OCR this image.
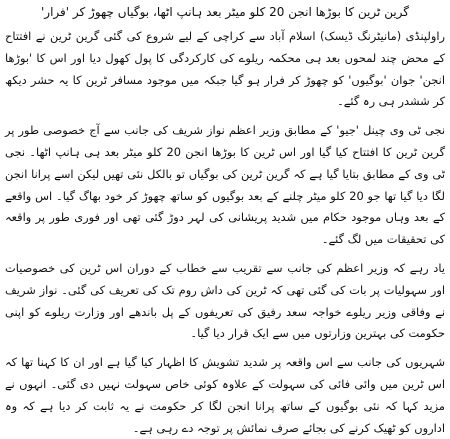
گرین ٹرین کا بوڑھا انجن 20 کلو میٹر بعد ہانپ اٹھا، بوگیاں چھوڑ کر 'فرار'

راولپنڈی (مانیٹرنگ ڈیسک) اسلام آباد سے کراچی کے لیے شروع کی گئی گرین ٹرین نے افتتاح کے محض چند لمحوں بعد ہی محکمہ ریلوے کی کارکردگی کا پول کھول دیا اور اس کا 'بوڑھا انجن' جوان 'بوگیوں' کو چھوڑ کر فرار ہو گیا جبکہ میں موجود مسافر ٹرین کا یہ حشر دیکھ کر ششدر ہی رہ گئے۔

نجی ٹی وی چینل 'جیو' کے مطابق وزیر اعظم نواز شریف کی جانب سے آج خصوصی طور پر گرین ٹرین کا افتتاح کیا گیا اور اس ٹرین کا بوڑھا انجن 20 کلو میٹر بعد ہی ہانپ اٹھا۔ نجی ٹی وی کے مطابق بتایا گیا ہے کہ گرین ٹرین کی بوگیاں تو بالکل نئی تھیں لیکن اسے پرانا انجن لگا دیا گیا تھا جو 20 کلو میٹر چلنے کے بعد بوگیوں کو ساتھ چھوڑ کر خود بھاگ گیا۔ اس واقعے کے بعد وہاں موجود حکام میں شدید پریشانی کی لہر دوڑ گئی تھی اور فوری طور پر واقعہ کی تحقیقات میں لگ گئے۔

یاد رہے کہ وزیر اعظم کی جانب سے تقریب سے خطاب کے دوران اس ٹرین کی خصوصیات اور سہولیات پر بات کی گئی تھی کہ ٹرین کی داش روم تک کی تعریف کی گئی۔ نواز شریف نے وفاقی وزیر ریلوے خواجہ سعد رفیق کی تعریفوں کے پل باندھے اور وزارت ریلوے کو اپنی حکومت کی بہترین وزارتوں میں سے ایک قرار دیا گیا۔

شہریوں کی جانب سے اس واقعہ پر شدید تشویش کا اظہار کیا گیا ہے اور ان کا کہنا تھا کہ اس ٹرین میں وائی فائی کی سہولت کے علاوہ کوئی خاص سہولت نہیں دی گئی۔ انہوں نے مزید کہا کہ نئی بوگیوں کے ساتھ پرانا انجن لگا کر حکومت نے یہ ثابت کر دیا ہے کہ وہ اداروں کو ٹھیک کرنے کی بجائے صرف نمائش پر توجہ دے رہی ہے۔
